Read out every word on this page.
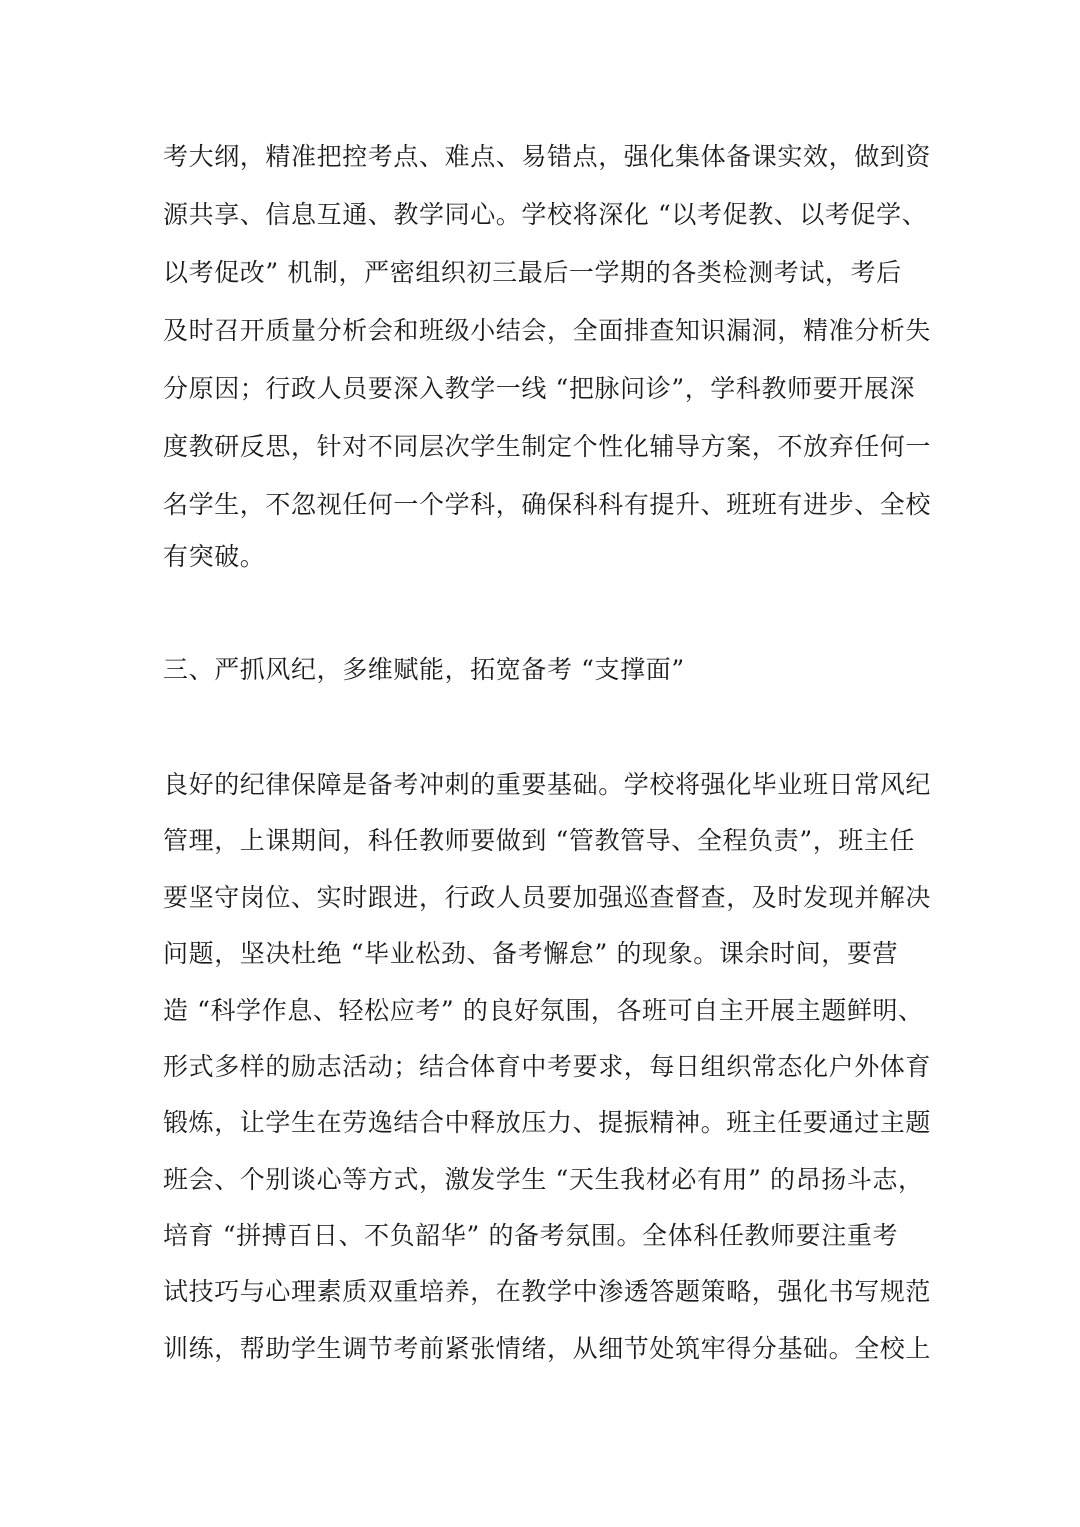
考大纲，精准把控考点、难点、易错点，强化集体备课实效，做到资
源共享、信息互通、教学同心。学校将深化 “以考促教、以考促学、
以考促改” 机制，严密组织初三最后一学期的各类检测考试，考后
及时召开质量分析会和班级小结会，全面排查知识漏洞，精准分析失
分原因；行政人员要深入教学一线 “把脉问诊”，学科教师要开展深
度教研反思，针对不同层次学生制定个性化辅导方案，不放弃任何一
名学生，不忽视任何一个学科，确保科科有提升、班班有进步、全校
有突破。
三、严抓风纪，多维赋能，拓宽备考 “支撑面”
良好的纪律保障是备考冲刺的重要基础。学校将强化毕业班日常风纪
管理，上课期间，科任教师要做到 “管教管导、全程负责”，班主任
要坚守岗位、实时跟进，行政人员要加强巡查督查，及时发现并解决
问题，坚决杜绝 “毕业松劲、备考懈怠” 的现象。课余时间，要营
造 “科学作息、轻松应考” 的良好氛围，各班可自主开展主题鲜明、
形式多样的励志活动；结合体育中考要求，每日组织常态化户外体育
锻炼，让学生在劳逸结合中释放压力、提振精神。班主任要通过主题
班会、个别谈心等方式，激发学生 “天生我材必有用” 的昂扬斗志，
培育 “拼搏百日、不负韶华” 的备考氛围。全体科任教师要注重考
试技巧与心理素质双重培养，在教学中渗透答题策略，强化书写规范
训练，帮助学生调节考前紧张情绪，从细节处筑牢得分基础。全校上
